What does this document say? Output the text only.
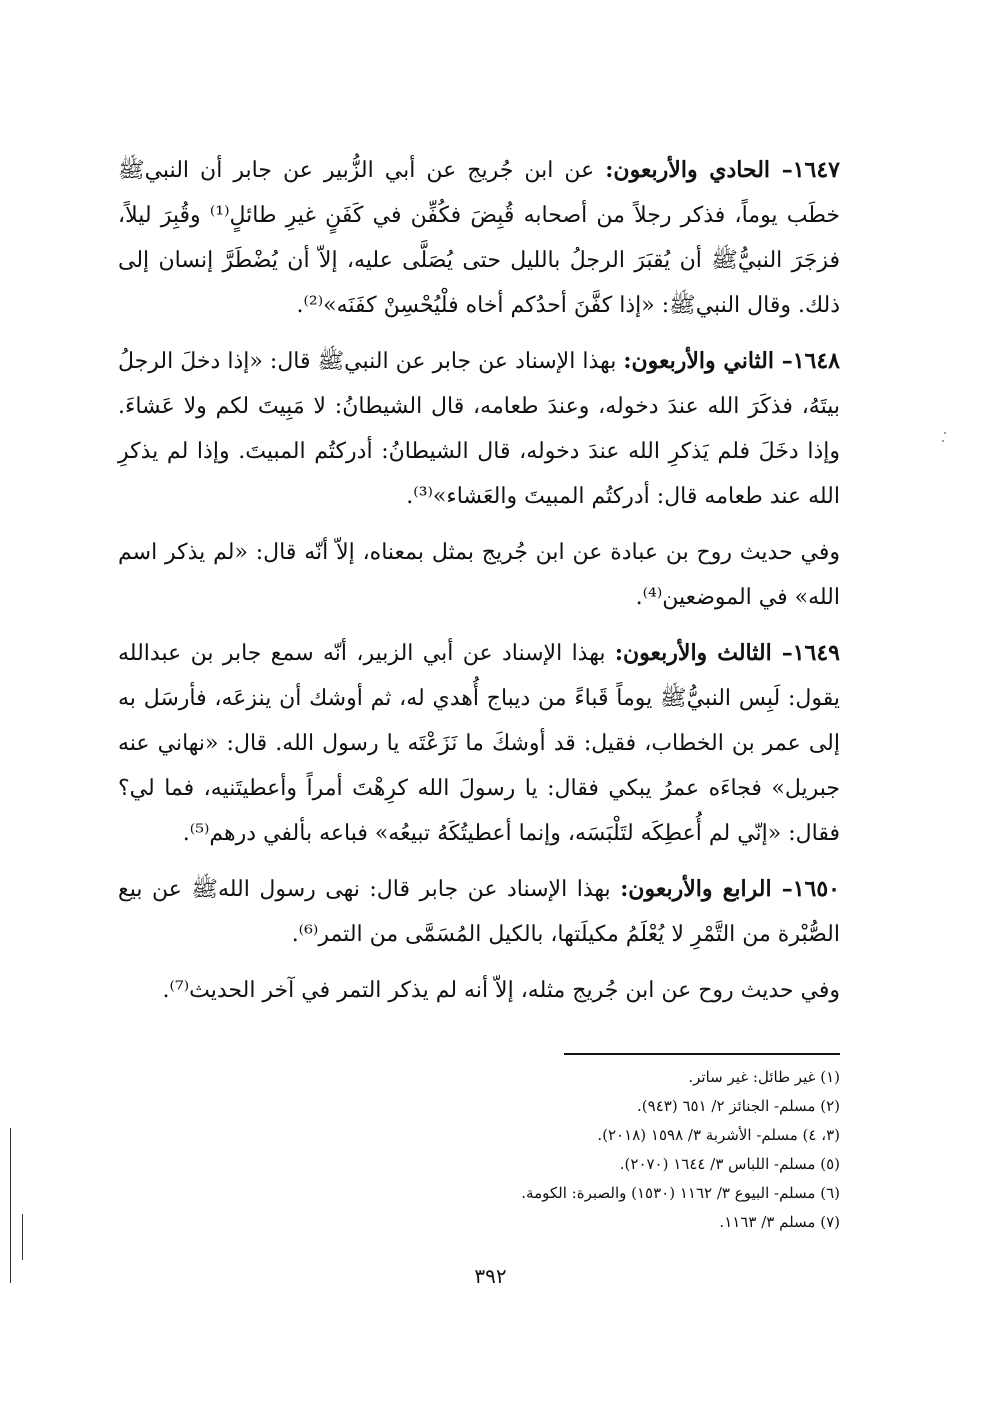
١٦٤٧– الحادي والأربعون: عن ابن جُريج عن أبي الزُّبير عن جابر أن النبيﷺ خطَب يوماً، فذكر رجلاً من أصحابه قُبِضَ فكُفِّن في كَفَنٍ غيرِ طائلٍ⁽¹⁾ وقُبِرَ ليلاً، فزجَرَ النبيُّﷺ أن يُقبَرَ الرجلُ بالليل حتى يُصَلَّى عليه، إلاّ أن يُضْطَرَّ إنسان إلى ذلك. وقال النبيﷺ: «إذا كفَّنَ أحدُكم أخاه فلْيُحْسِنْ كفَنَه»⁽²⁾.

١٦٤٨– الثاني والأربعون: بهذا الإسناد عن جابر عن النبيﷺ قال: «إذا دخلَ الرجلُ بيتَهُ، فذكَرَ الله عندَ دخوله، وعندَ طعامه، قال الشيطانُ: لا مَبِيتَ لكم ولا عَشاءَ. وإذا دخَلَ فلم يَذكرِ الله عندَ دخوله، قال الشيطانُ: أدركتُم المبيتَ. وإذا لم يذكرِ الله عند طعامه قال: أدركتُم المبيتَ والعَشاء»⁽³⁾.

وفي حديث روح بن عبادة عن ابن جُريج بمثل بمعناه، إلاّ أنّه قال: «لم يذكر اسم الله» في الموضعين⁽⁴⁾.

١٦٤٩– الثالث والأربعون: بهذا الإسناد عن أبي الزبير، أنّه سمع جابر بن عبدالله يقول: لَبِس النبيُّﷺ يوماً قَباءً من ديباج أُهدي له، ثم أوشك أن ينزعَه، فأرسَل به إلى عمر بن الخطاب، فقيل: قد أوشكَ ما نَزَعْتَه يا رسول الله. قال: «نهاني عنه جبريل» فجاءَه عمرُ يبكي فقال: يا رسولَ الله كرِهْتَ أمراً وأعطيتَنيه، فما لي؟ فقال: «إنّي لم أُعطِكَه لتَلْبَسَه، وإنما أعطيتُكَهُ تبيعُه» فباعه بألفي درهم⁽⁵⁾.

١٦٥٠– الرابع والأربعون: بهذا الإسناد عن جابر قال: نهى رسول اللهﷺ عن بيع الصُّبْرة من التَّمْرِ لا يُعْلَمُ مكيلَتها، بالكيل المُسَمَّى من التمر⁽⁶⁾.

وفي حديث روح عن ابن جُريج مثله، إلاّ أنه لم يذكر التمر في آخر الحديث⁽⁷⁾.

(١) غير طائل: غير ساتر.

(٢) مسلم- الجنائز ٢/ ٦٥١ (٩٤٣).

(٣، ٤) مسلم- الأشربة ٣/ ١٥٩٨ (٢٠١٨).

(٥) مسلم- اللباس ٣/ ١٦٤٤ (٢٠٧٠).

(٦) مسلم- البيوع ٣/ ١١٦٢ (١٥٣٠) والصبرة: الكومة.

(٧) مسلم ٣/ ١١٦٣.

٣٩٢
